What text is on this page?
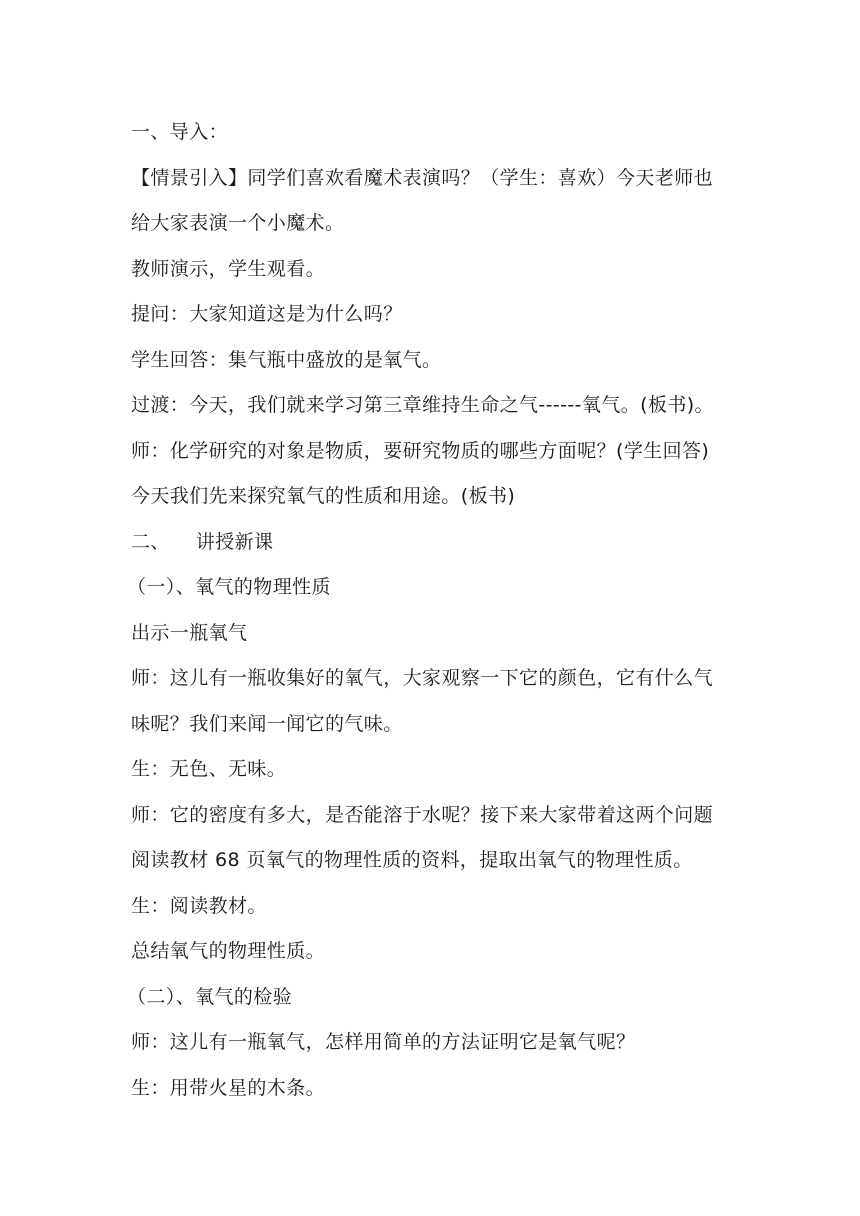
一、导入：
【情景引入】同学们喜欢看魔术表演吗？（学生：喜欢）今天老师也
给大家表演一个小魔术。
教师演示，学生观看。
提问：大家知道这是为什么吗？
学生回答：集气瓶中盛放的是氧气。
过渡：今天，我们就来学习第三章维持生命之气------氧气。(板书)。
师：化学研究的对象是物质，要研究物质的哪些方面呢？(学生回答)
今天我们先来探究氧气的性质和用途。(板书)
二、 讲授新课
（一）、氧气的物理性质
出示一瓶氧气
师：这儿有一瓶收集好的氧气，大家观察一下它的颜色，它有什么气
味呢？我们来闻一闻它的气味。
生：无色、无味。
师：它的密度有多大，是否能溶于水呢？接下来大家带着这两个问题
阅读教材 68 页氧气的物理性质的资料，提取出氧气的物理性质。
生：阅读教材。
总结氧气的物理性质。
（二）、氧气的检验
师：这儿有一瓶氧气，怎样用简单的方法证明它是氧气呢？
生：用带火星的木条。
